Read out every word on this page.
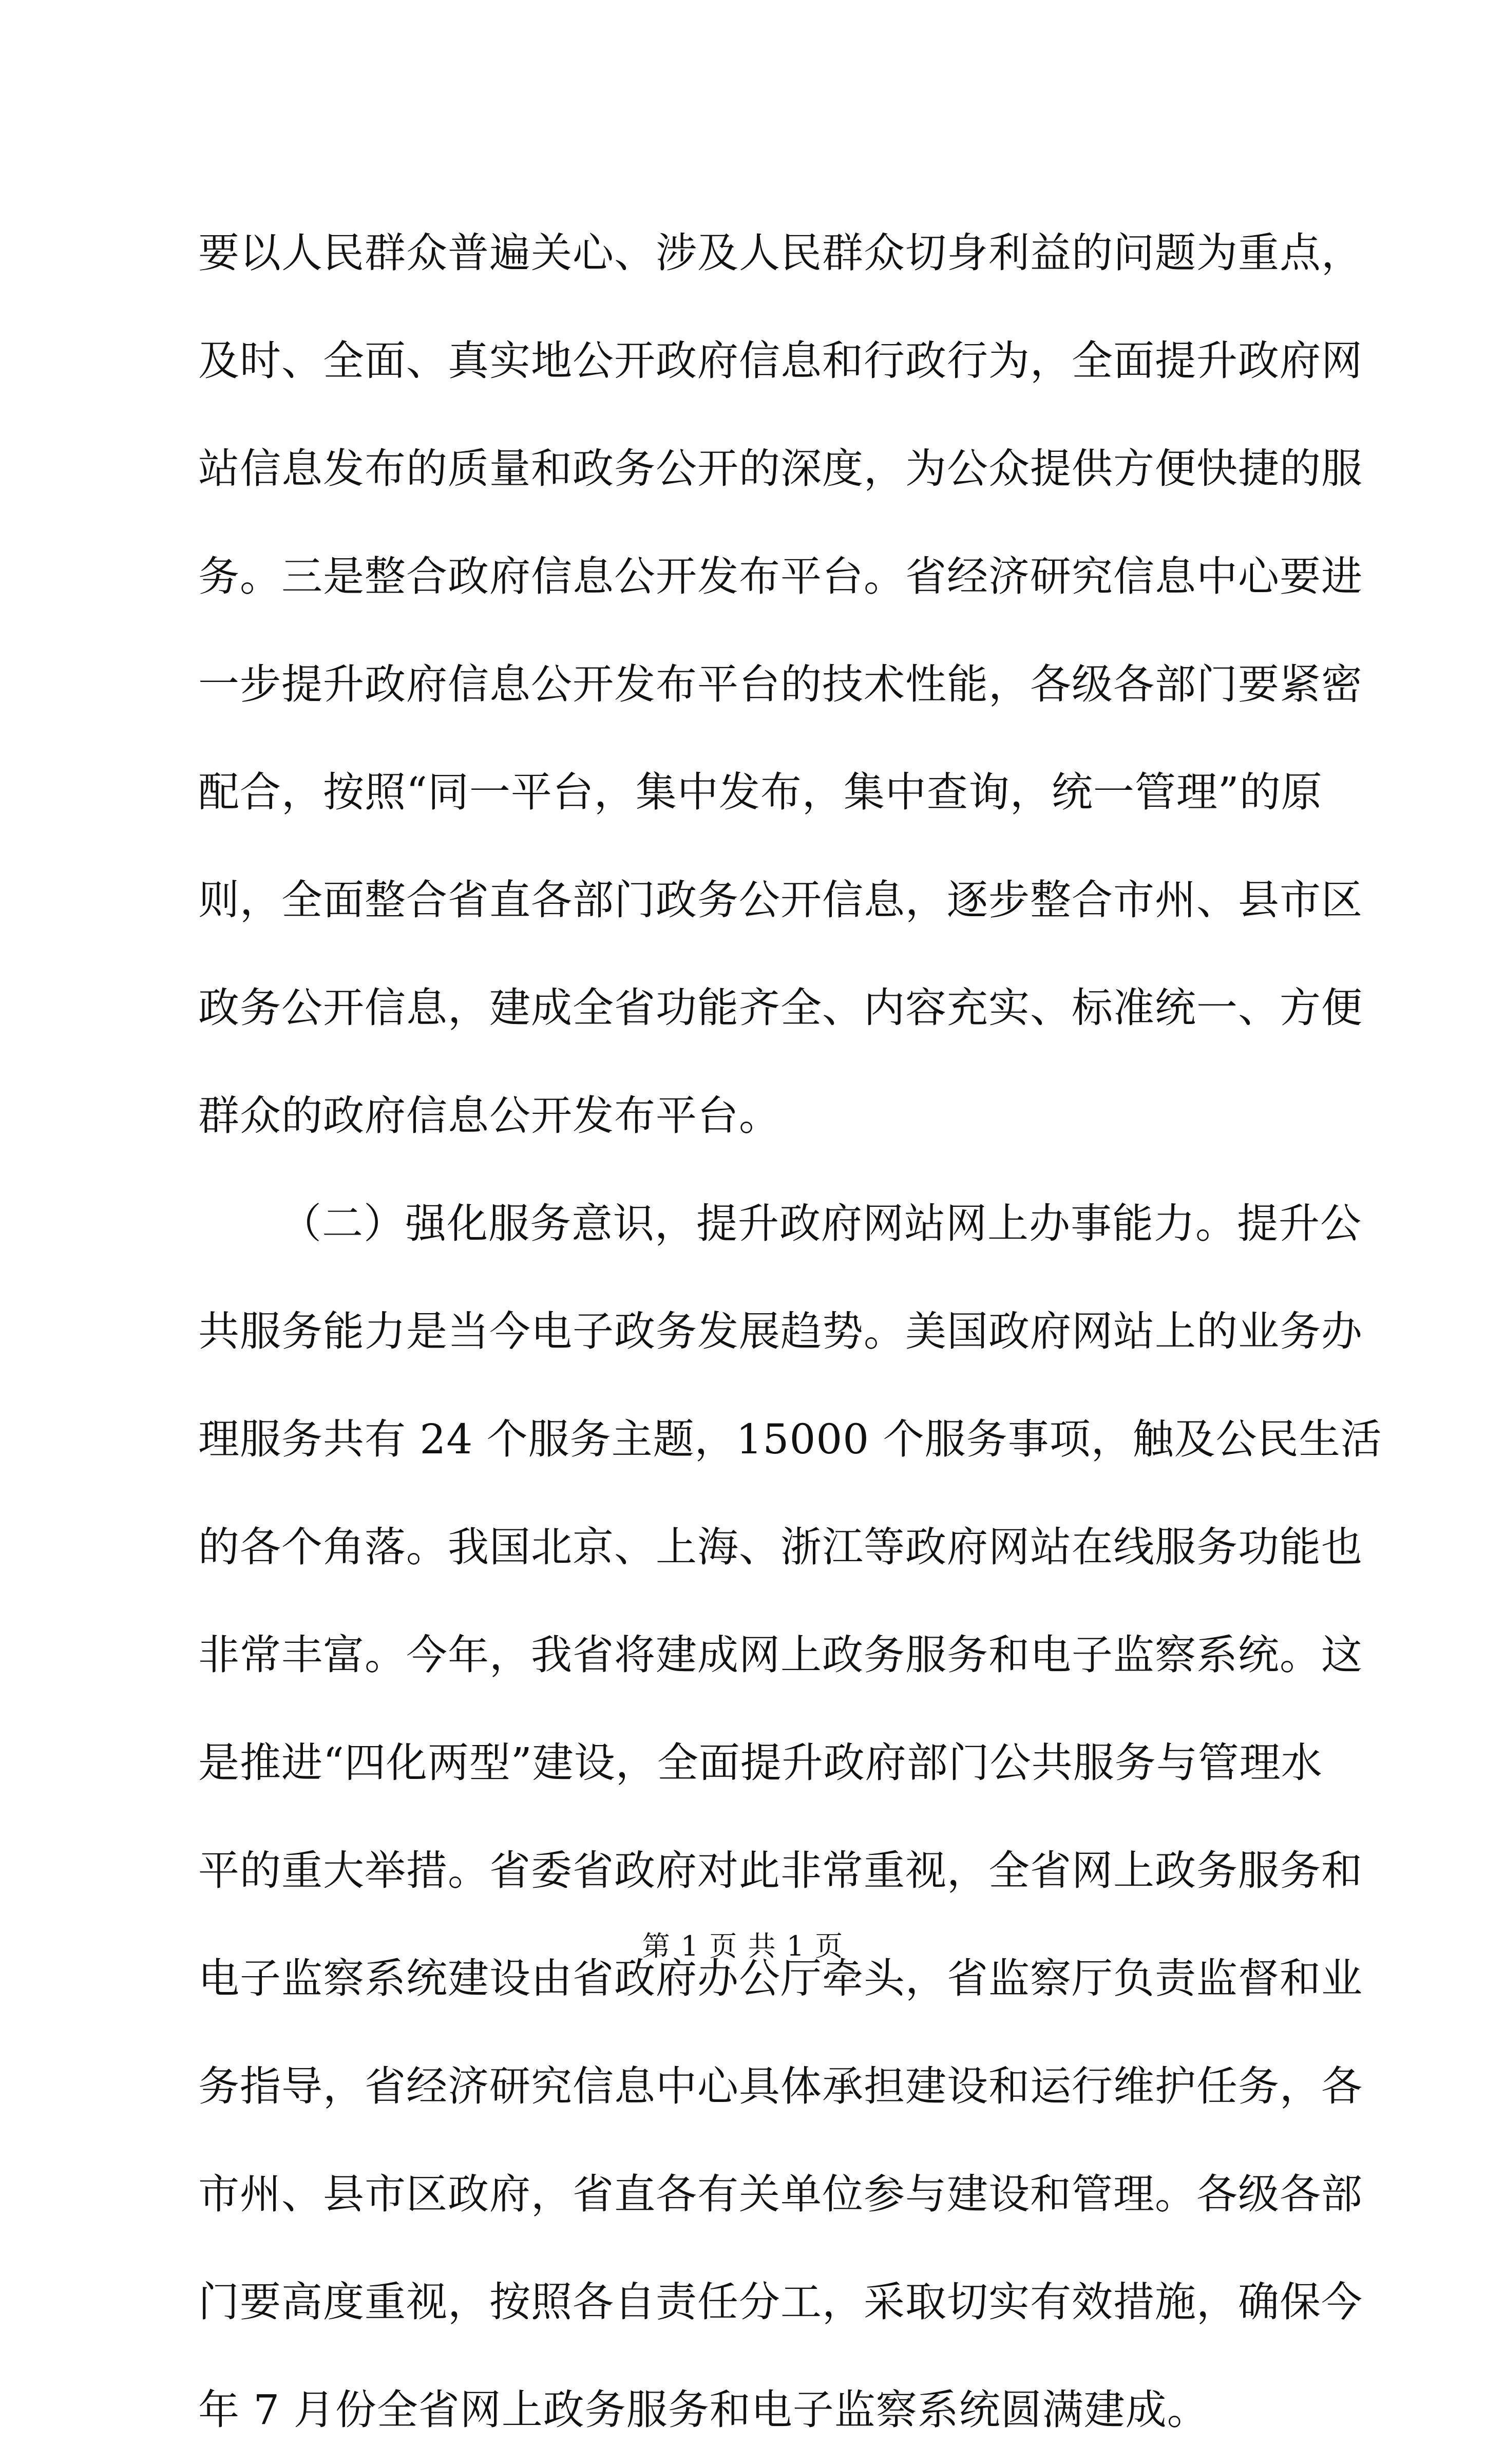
要以人民群众普遍关心、涉及人民群众切身利益的问题为重点，
及时、全面、真实地公开政府信息和行政行为，全面提升政府网
站信息发布的质量和政务公开的深度，为公众提供方便快捷的服
务。三是整合政府信息公开发布平台。省经济研究信息中心要进
一步提升政府信息公开发布平台的技术性能，各级各部门要紧密
配合，按照“同一平台，集中发布，集中查询，统一管理”的原
则，全面整合省直各部门政务公开信息，逐步整合市州、县市区
政务公开信息，建成全省功能齐全、内容充实、标准统一、方便
群众的政府信息公开发布平台。
（二）强化服务意识，提升政府网站网上办事能力。提升公
共服务能力是当今电子政务发展趋势。美国政府网站上的业务办
理服务共有 24 个服务主题，15000 个服务事项，触及公民生活
的各个角落。我国北京、上海、浙江等政府网站在线服务功能也
非常丰富。今年，我省将建成网上政务服务和电子监察系统。这
是推进“四化两型”建设，全面提升政府部门公共服务与管理水
平的重大举措。省委省政府对此非常重视，全省网上政务服务和
电子监察系统建设由省政府办公厅牵头，省监察厅负责监督和业
务指导，省经济研究信息中心具体承担建设和运行维护任务，各
市州、县市区政府，省直各有关单位参与建设和管理。各级各部
门要高度重视，按照各自责任分工，采取切实有效措施，确保今
年 7 月份全省网上政务服务和电子监察系统圆满建成。
第 1 页 共 1 页
